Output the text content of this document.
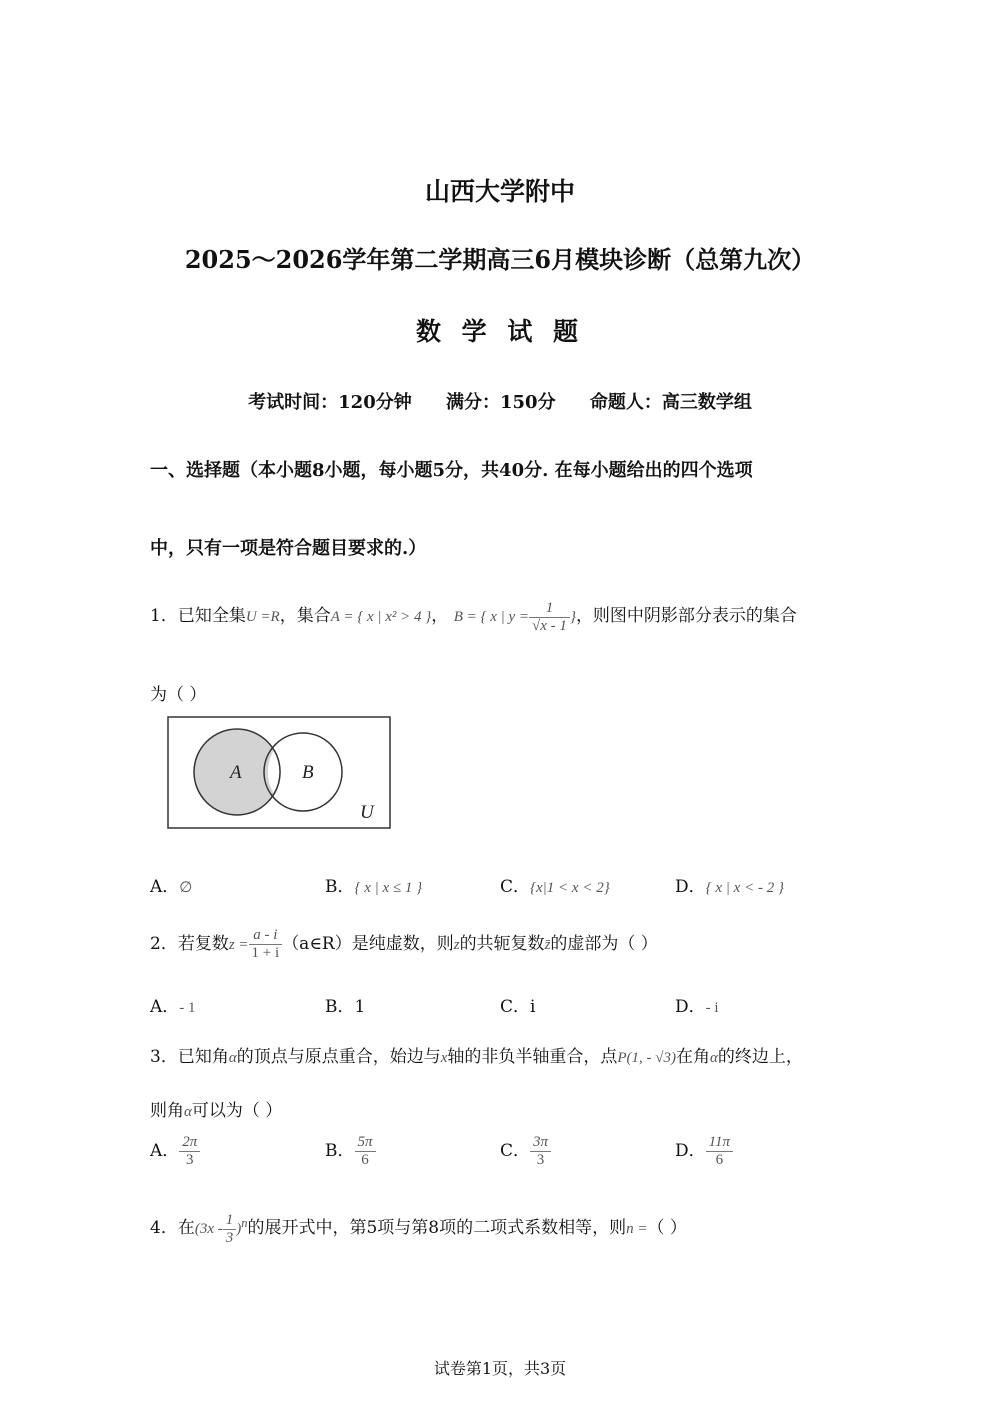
山西大学附中
2025～2026学年第二学期高三6月模块诊断（总第九次）
数 学 试 题
考试时间：120分钟 满分：150分 命题人：高三数学组
一、选择题（本小题8小题，每小题5分，共40分. 在每小题给出的四个选项
中，只有一项是符合题目要求的.）
1．已知全集U =R，集合A = { x | x² > 4 }， B = { x | $y = \frac{1}{√x - 1}$ }，则图中阴影部分表示的集合
为（ ）
A	B
U
A．∅	B．{ x | x ≤ 1 }	C．{x|1 < x < 2}	D．{ x | x < - 2 }
2．若复数$z = \frac{a - i}{1 + i}$ （a∈R）是纯虚数，则z的共轭复数z̄的虚部为（ ）
A．- 1	B．1	C．i	D．- i
3．已知角α的顶点与原点重合，始边与x轴的非负半轴重合，点P(1, - √3)在角α的终边上，
则角α可以为（ ）
A． $\frac{2\pi}{3}$	B． $\frac{5\pi}{6}$	C． $\frac{3\pi}{3}$	D． $\frac{11\pi}{6}$
4．在$(3x - \frac{1}{3} )^n$的展开式中，第5项与第8项的二项式系数相等，则n =（ ）
试卷第1页，共3页
